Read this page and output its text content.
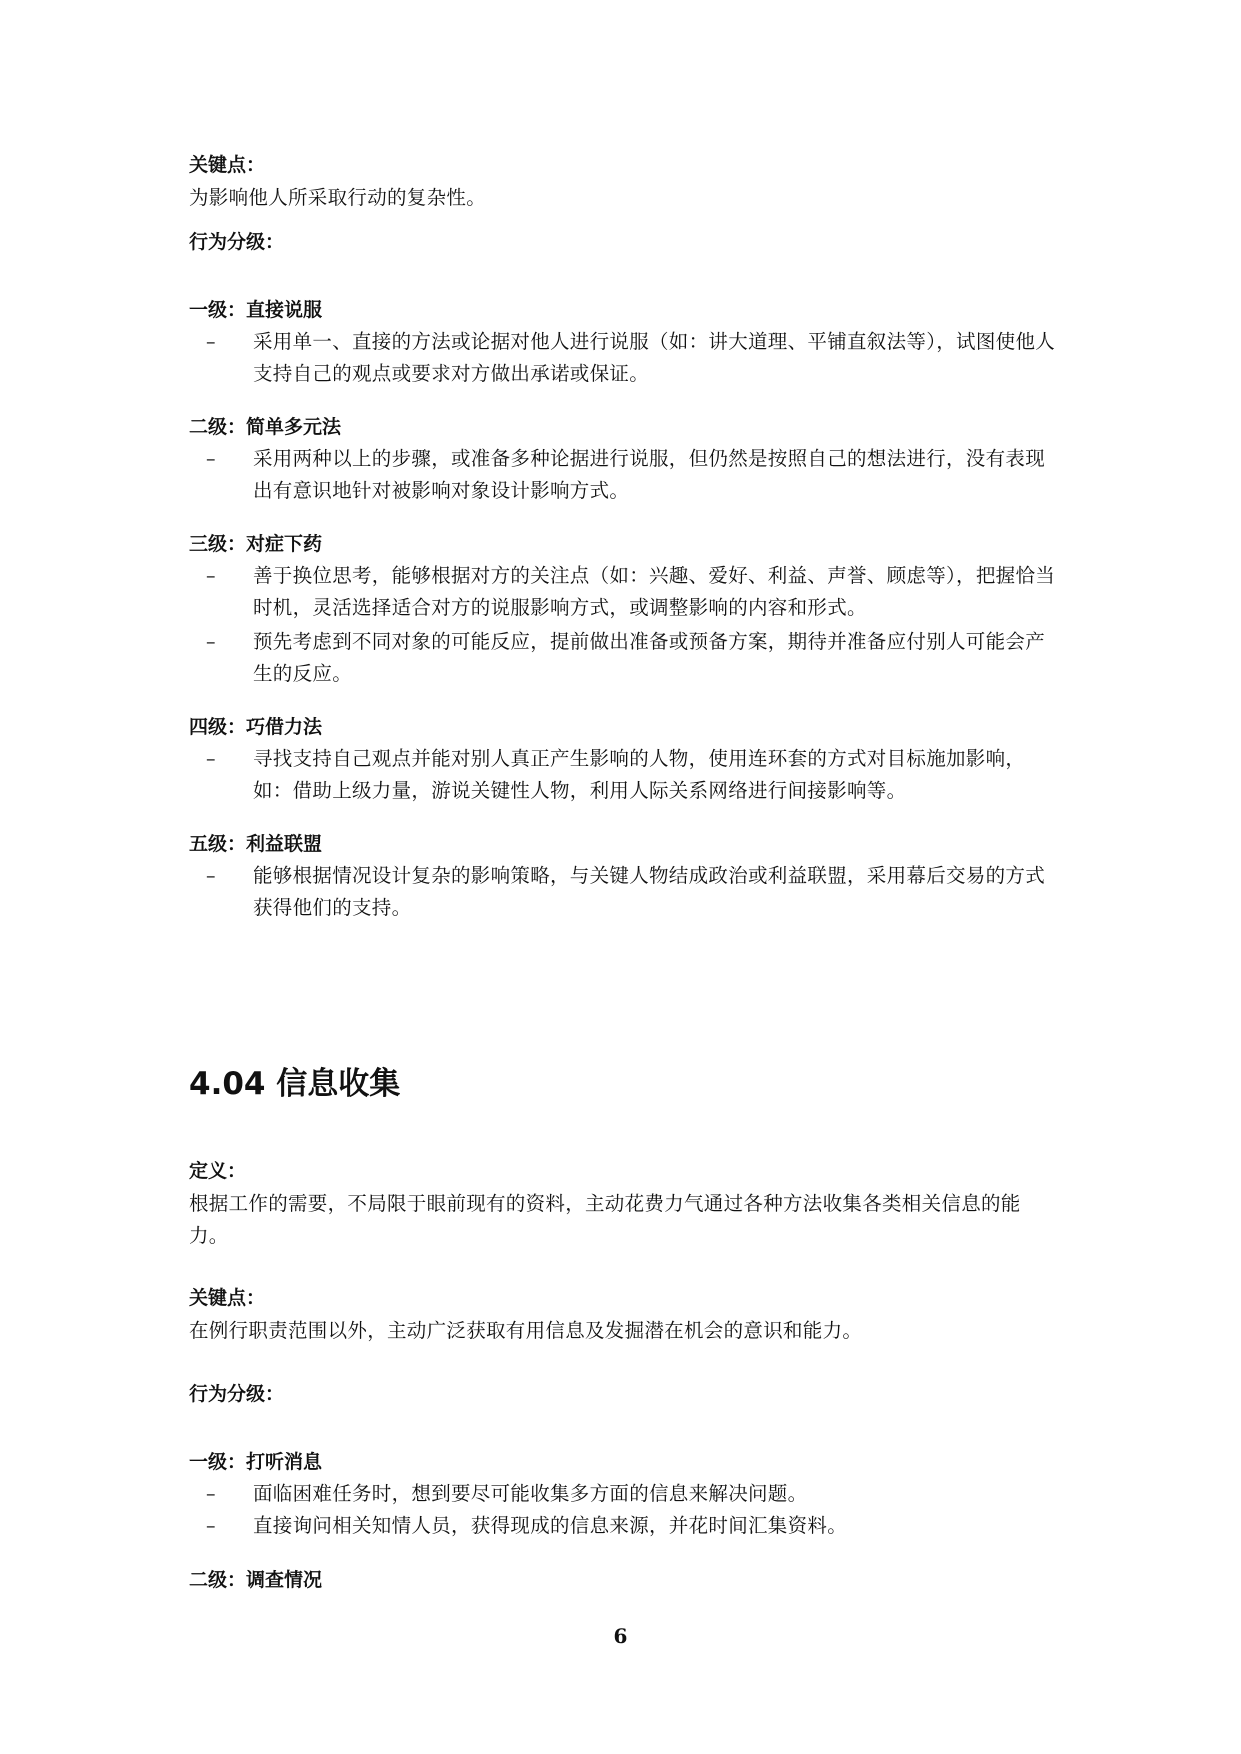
关键点：
为影响他人所采取行动的复杂性。
行为分级：
一级：直接说服
– 采用单一、直接的方法或论据对他人进行说服（如：讲大道理、平铺直叙法等），试图使他人支持自己的观点或要求对方做出承诺或保证。
二级：简单多元法
– 采用两种以上的步骤，或准备多种论据进行说服，但仍然是按照自己的想法进行，没有表现出有意识地针对被影响对象设计影响方式。
三级：对症下药
– 善于换位思考，能够根据对方的关注点（如：兴趣、爱好、利益、声誉、顾虑等），把握恰当时机，灵活选择适合对方的说服影响方式，或调整影响的内容和形式。
– 预先考虑到不同对象的可能反应，提前做出准备或预备方案，期待并准备应付别人可能会产生的反应。
四级：巧借力法
– 寻找支持自己观点并能对别人真正产生影响的人物，使用连环套的方式对目标施加影响，如：借助上级力量，游说关键性人物，利用人际关系网络进行间接影响等。
五级：利益联盟
– 能够根据情况设计复杂的影响策略，与关键人物结成政治或利益联盟，采用幕后交易的方式获得他们的支持。
4.04 信息收集
定义：
根据工作的需要，不局限于眼前现有的资料，主动花费力气通过各种方法收集各类相关信息的能力。
关键点：
在例行职责范围以外，主动广泛获取有用信息及发掘潜在机会的意识和能力。
行为分级：
一级：打听消息
– 面临困难任务时，想到要尽可能收集多方面的信息来解决问题。
– 直接询问相关知情人员，获得现成的信息来源，并花时间汇集资料。
二级：调查情况
6
